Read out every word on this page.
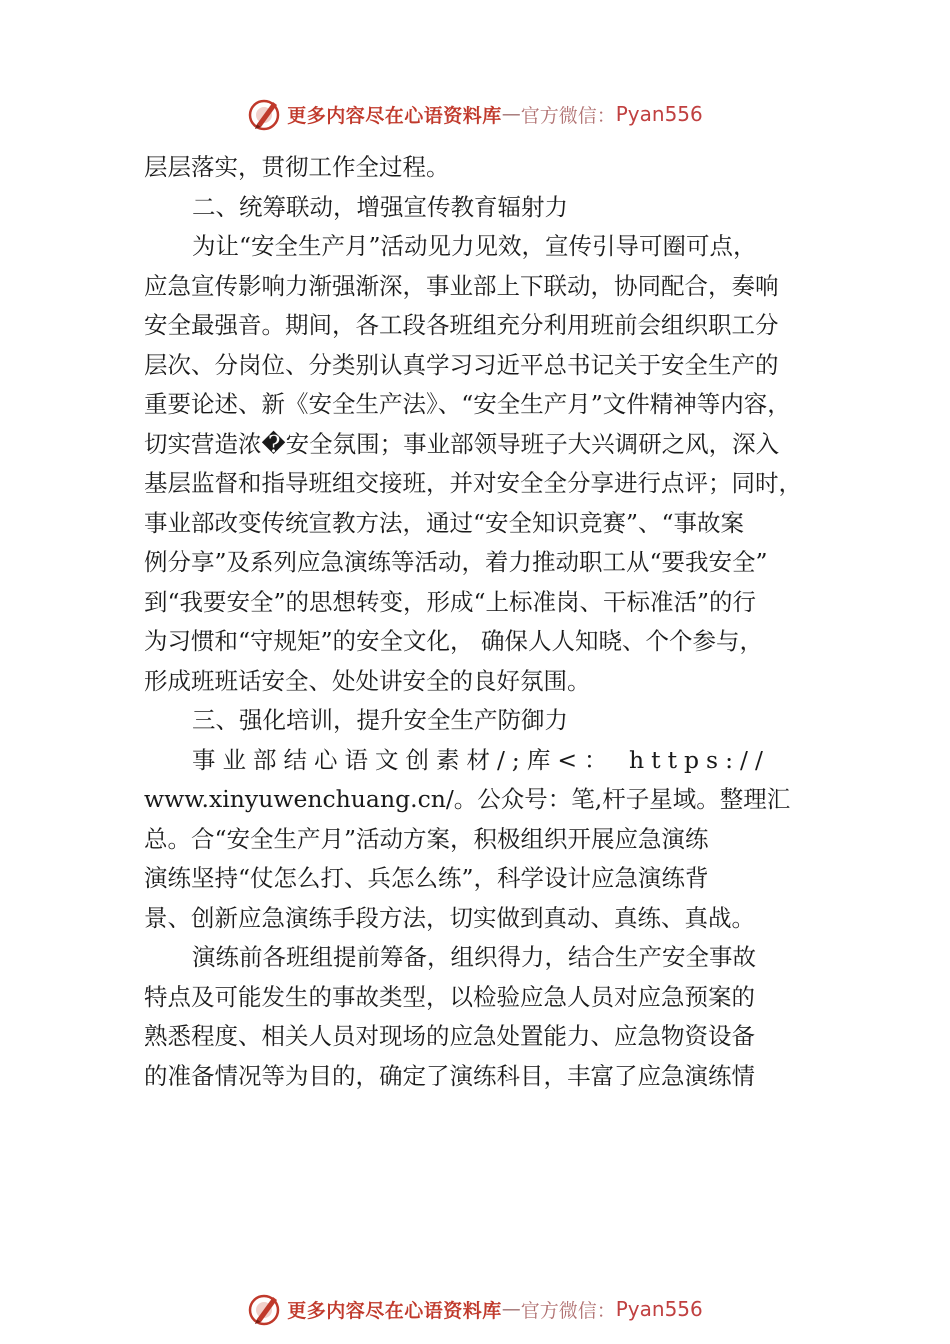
更多内容尽在心语资料库 — 官方微信： Pyan556
层层落实，贯彻工作全过程。
二、统筹联动，增强宣传教育辐射力
为让“安全生产月”活动见力见效，宣传引导可圈可点，
应急宣传影响力渐强渐深，事业部上下联动，协同配合，奏响
安全最强音。期间，各工段各班组充分利用班前会组织职工分
层次、分岗位、分类别认真学习习近平总书记关于安全生产的
重要论述、新《安全生产法》、“安全生产月”文件精神等内容，
切实营造浓�安全氛围；事业部领导班子大兴调研之风，深入
基层监督和指导班组交接班，并对安全全分享进行点评；同时，
事业部改变传统宣教方法，通过“安全知识竞赛”、“事故案
例分享”及系列应急演练等活动，着力推动职工从“要我安全”
到“我要安全”的思想转变，形成“上标准岗、干标准活”的行
为习惯和“守规矩”的安全文化， 确保人人知晓、个个参与，
形成班班话安全、处处讲安全的良好氛围。
三、强化培训，提升安全生产防御力
事业部结心语文创素材/;库<： https://
www.xinyuwenchuang.cn/。公众号：笔,杆子星域。整理汇
总。合“安全生产月”活动方案，积极组织开展应急演练
演练坚持“仗怎么打、兵怎么练”，科学设计应急演练背
景、创新应急演练手段方法，切实做到真动、真练、真战。
演练前各班组提前筹备，组织得力，结合生产安全事故
特点及可能发生的事故类型，以检验应急人员对应急预案的
熟悉程度、相关人员对现场的应急处置能力、应急物资设备
的准备情况等为目的，确定了演练科目，丰富了应急演练情
更多内容尽在心语资料库 — 官方微信： Pyan556
